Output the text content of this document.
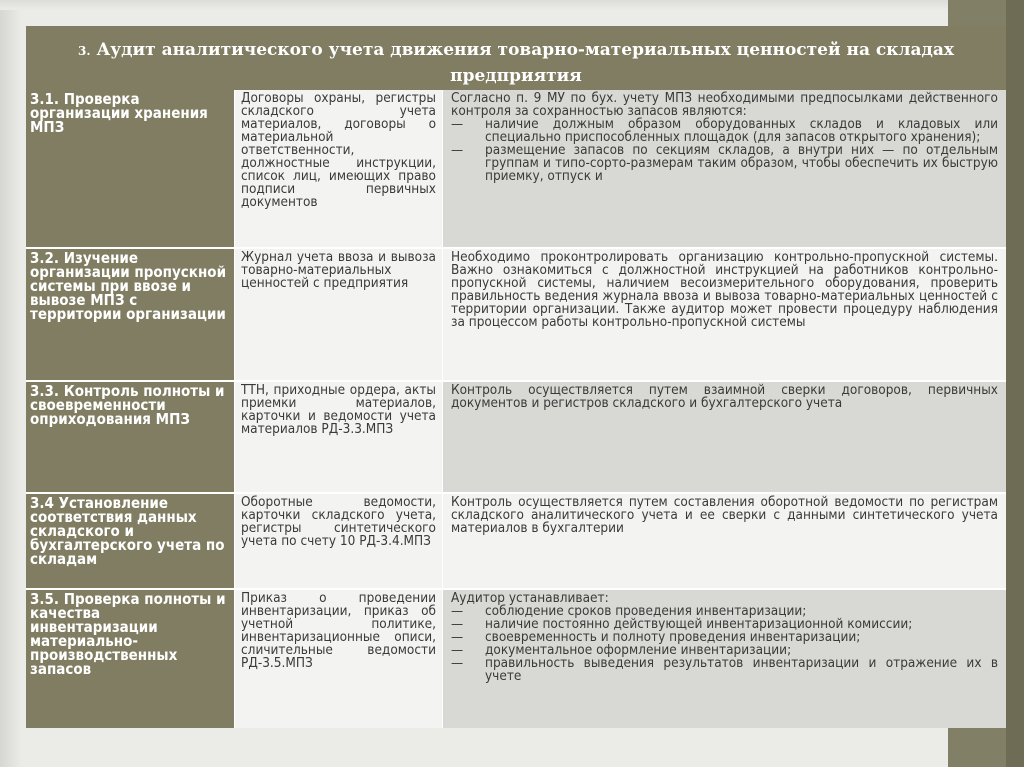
3. Аудит аналитического учета движения товарно-материальных ценностей на складах предприятия
3.1. Проверка организации хранения МПЗ
Договоры охраны, регистры складского учета материалов, договоры о материальной ответственности, должностные инструкции, список лиц, имеющих право подписи первичных документов

Согласно п. 9 МУ по бух. учету МПЗ необходимыми предпосылками действенного контроля за сохранностью запасов являются:

— наличие должным образом оборудованных складов и кладовых или специально приспособленных площадок (для запасов открытого хранения);
— размещение запасов по секциям складов, а внутри них — по отдельным группам и типо-сорто-размерам таким образом, чтобы обеспечить их быструю приемку, отпуск и
3.2. Изучение организации пропускной системы при ввозе и вывозе МПЗ с территории организации
Журнал учета ввоза и вывоза товарно-материальных ценностей с предприятия

Необходимо проконтролировать организацию контрольно-пропускной системы. Важно ознакомиться с должностной инструкцией на работников контрольно- пропускной системы, наличием весоизмерительного оборудования, проверить правильность ведения журнала ввоза и вывоза товарно-материальных ценностей с территории организации. Также аудитор может провести процедуру наблюдения за процессом работы контрольно-пропускной системы

3.3. Контроль полноты и своевременности оприходования МПЗ
ТТН, приходные ордера, акты приемки материалов, карточки и ведомости учета материалов РД-3.3.МПЗ

Контроль осуществляется путем взаимной сверки договоров, первичных документов и регистров складского и бухгалтерского учета

3.4 Установление соответствия данных складского и бухгалтерского учета по складам
Оборотные ведомости, карточки складского учета, регистры синтетического учета по счету 10 РД-3.4.МПЗ

Контроль осуществляется путем составления оборотной ведомости по регистрам складского аналитического учета и ее сверки с данными синтетического учета материалов в бухгалтерии

3.5. Проверка полноты и качества инвентаризации материально-производственных запасов
Приказ о проведении инвентаризации, приказ об учетной политике, инвентаризационные описи, сличительные ведомости РД-3.5.МПЗ

Аудитор устанавливает:

— соблюдение сроков проведения инвентаризации;
— наличие постоянно действующей инвентаризационной комиссии;
— своевременность и полноту проведения инвентаризации;
— документальное оформление инвентаризации;
— правильность выведения результатов инвентаризации и отражение их в учете
